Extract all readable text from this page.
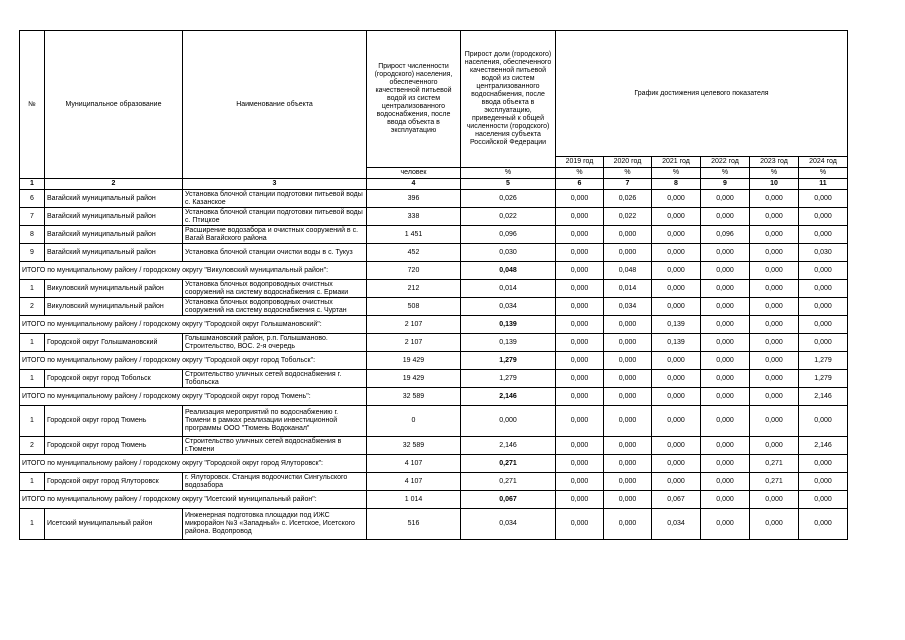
№	Муниципальное образование	Наименование объекта	Прирост численности (городского) населения, обеспеченного качественной питьевой водой из систем централизованного водоснабжения, после ввода объекта в эксплуатацию	Прирост доли (городского) населения, обеспеченного качественной питьевой водой из систем централизованного водоснабжения, после ввода объекта в эксплуатацию, приведенный к общей численности (городского) населения субъекта Российской Федерации	График достижения целевого показателя					
					2019 год	2020 год	2021 год	2022 год	2023 год	2024 год
			человек	%	%	%	%	%	%	%
1	2	3	4	5	6	7	8	9	10	11
6	Вагайский муниципальный район	Установка блочной станции подготовки питьевой воды с. Казанское	396	0,026	0,000	0,026	0,000	0,000	0,000	0,000
7	Вагайский муниципальный район	Установка блочной станции подготовки питьевой воды с. Птицкое	338	0,022	0,000	0,022	0,000	0,000	0,000	0,000
8	Вагайский муниципальный район	Расширение водозабора и очистных сооружений в с. Вагай Вагайского района	1 451	0,096	0,000	0,000	0,000	0,096	0,000	0,000
9	Вагайский муниципальный район	Установка блочной станции очистки воды в с. Тукуз	452	0,030	0,000	0,000	0,000	0,000	0,000	0,030
ИТОГО по муниципальному району / городскому округу "Викуловский муниципальный район":			720	0,048	0,000	0,048	0,000	0,000	0,000	0,000
1	Викуловский муниципальный район	Установка блочных водопроводных очистных сооружений на систему водоснабжения с. Ермаки	212	0,014	0,000	0,014	0,000	0,000	0,000	0,000
2	Викуловский муниципальный район	Установка блочных водопроводных очистных сооружений на систему водоснабжения с. Чуртан	508	0,034	0,000	0,034	0,000	0,000	0,000	0,000
ИТОГО по муниципальному району / городскому округу "Городской округ Голышмановский":			2 107	0,139	0,000	0,000	0,139	0,000	0,000	0,000
1	Городской округ Голышмановский	Голышмановский район, р.п. Голышманово. Строительство, ВОС. 2-я очередь	2 107	0,139	0,000	0,000	0,139	0,000	0,000	0,000
ИТОГО по муниципальному району / городскому округу "Городской округ город Тобольск":			19 429	1,279	0,000	0,000	0,000	0,000	0,000	1,279
1	Городской округ город Тобольск	Строительство уличных сетей водоснабжения г. Тобольска	19 429	1,279	0,000	0,000	0,000	0,000	0,000	1,279
ИТОГО по муниципальному району / городскому округу "Городской округ город Тюмень":			32 589	2,146	0,000	0,000	0,000	0,000	0,000	2,146
1	Городской округ город Тюмень	Реализация мероприятий по водоснабжению г. Тюмени в рамках реализации инвестиционной программы ООО "Тюмень Водоканал"	0	0,000	0,000	0,000	0,000	0,000	0,000	0,000
2	Городской округ город Тюмень	Строительство уличных сетей водоснабжения в г.Тюмени	32 589	2,146	0,000	0,000	0,000	0,000	0,000	2,146
ИТОГО по муниципальному району / городскому округу "Городской округ город Ялуторовск":			4 107	0,271	0,000	0,000	0,000	0,000	0,271	0,000
1	Городской округ город Ялуторовск	г. Ялуторовск. Станция водоочистки Сингульского водозабора	4 107	0,271	0,000	0,000	0,000	0,000	0,271	0,000
ИТОГО по муниципальному району / городскому округу "Исетский муниципальный район":			1 014	0,067	0,000	0,000	0,067	0,000	0,000	0,000
1	Исетский муниципальный район	Инженерная подготовка площадки под ИЖС микрорайон №3 «Западный» с. Исетское, Исетского района. Водопровод	516	0,034	0,000	0,000	0,034	0,000	0,000	0,000
